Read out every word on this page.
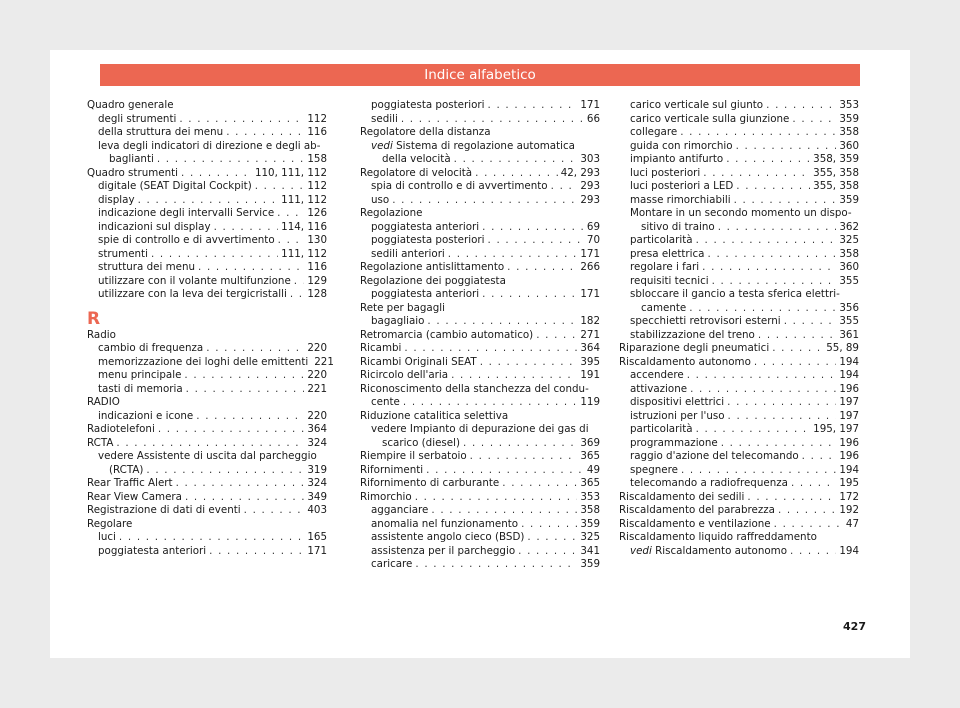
Indice alfabetico
Quadro generale
degli strumenti . . .	112
della struttura dei menu . . .	116
leva degli indicatori di direzione e degli ab-
baglianti . . .	158
Quadro strumenti . . .	110, 111, 112
digitale (SEAT Digital Cockpit) . . .	112
display . . .	111, 112
indicazione degli intervalli Service . . .	126
indicazioni sul display . . .	114, 116
spie di controllo e di avvertimento . . .	130
strumenti . . .	111, 112
struttura dei menu . . .	116
utilizzare con il volante multifunzione . . . 129
utilizzare con la leva dei tergicristalli . . . 128
R
Radio
cambio di frequenza . . .	220
memorizzazione dei loghi delle emittenti 221
menu principale . . .	220
tasti di memoria . . .	221
RADIO
indicazioni e icone . . .	220
Radiotelefoni . . .	364
RCTA . . .	324
vedere Assistente di uscita dal parcheggio
(RCTA) . . .	319
Rear Traffic Alert . . .	324
Rear View Camera . . .	349
Registrazione di dati di eventi . . .	403
Regolare
luci . . .	165
poggiatesta anteriori . . .	171
poggiatesta posteriori . . .	171
sedili . . .	66
Regolatore della distanza
vedi Sistema di regolazione automatica
della velocità . . .	303
Regolatore di velocità . . .	42, 293
spia di controllo e di avvertimento . . .	293
uso . . .	293
Regolazione
poggiatesta anteriori . . .	69
poggiatesta posteriori . . .	70
sedili anteriori . . .	171
Regolazione antislittamento . . .	266
Regolazione dei poggiatesta
poggiatesta anteriori . . .	171
Rete per bagagli
bagagliaio . . .	182
Retromarcia (cambio automatico) . . .	271
Ricambi . . .	364
Ricambi Originali SEAT . . .	395
Ricircolo dell'aria . . .	191
Riconoscimento della stanchezza del condu-
cente . . .	119
Riduzione catalitica selettiva
vedere Impianto di depurazione dei gas di
scarico (diesel) . . .	369
Riempire il serbatoio . . .	365
Rifornimenti . . .	49
Rifornimento di carburante . . .	365
Rimorchio . . .	353
agganciare . . .	358
anomalia nel funzionamento . . .	359
assistente angolo cieco (BSD) . . .	325
assistenza per il parcheggio . . .	341
caricare . . .	359
carico verticale sul giunto . . .	353
carico verticale sulla giunzione . . .	359
collegare . . .	358
guida con rimorchio . . .	360
impianto antifurto . . .	358, 359
luci posteriori . . .	355, 358
luci posteriori a LED . . .	355, 358
masse rimorchiabili . . .	359
Montare in un secondo momento un dispo-
sitivo di traino . . .	362
particolarità . . .	325
presa elettrica . . .	358
regolare i fari . . .	360
requisiti tecnici . . .	355
sbloccare il gancio a testa sferica elettri-
camente . . .	356
specchietti retrovisori esterni . . .	355
stabilizzazione del treno . . .	361
Riparazione degli pneumatici . . .	55, 89
Riscaldamento autonomo . . .	194
accendere . . .	194
attivazione . . .	196
dispositivi elettrici . . .	197
istruzioni per l'uso . . .	197
particolarità . . .	195, 197
programmazione . . .	196
raggio d'azione del telecomando . . .	196
spegnere . . .	194
telecomando a radiofrequenza . . .	195
Riscaldamento dei sedili . . .	172
Riscaldamento del parabrezza . . .	192
Riscaldamento e ventilazione . . .	47
Riscaldamento liquido raffreddamento
vedi Riscaldamento autonomo . . .	194
427
